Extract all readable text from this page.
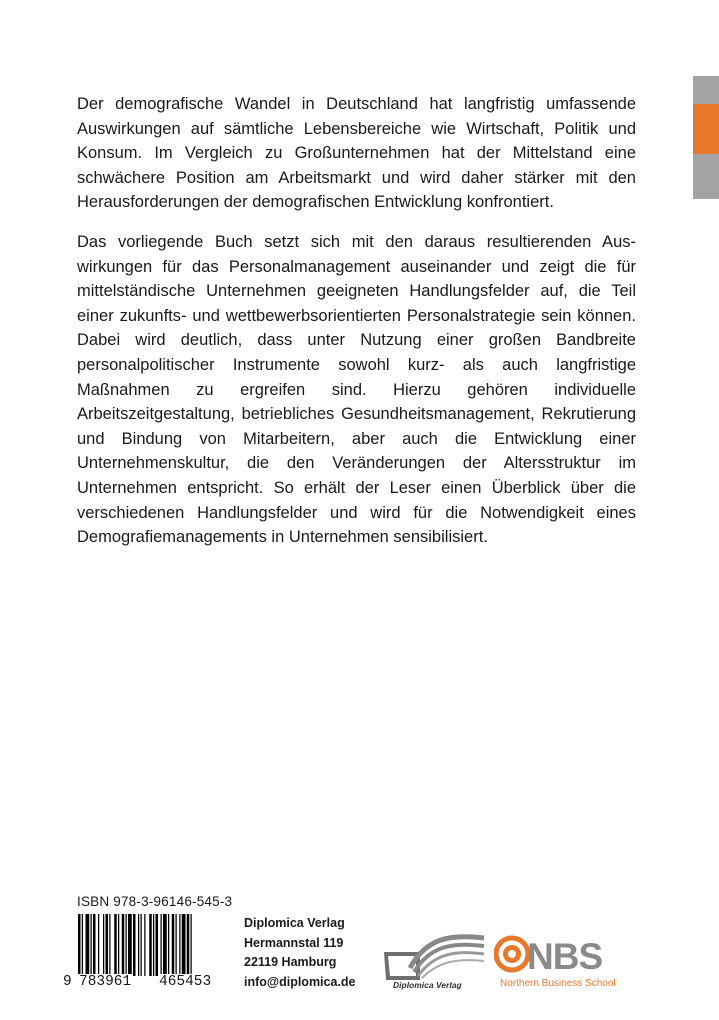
Der demografische Wandel in Deutschland hat langfristig umfassende Auswirkungen auf sämtliche Lebensbereiche wie Wirtschaft, Politik und Konsum. Im Vergleich zu Großunternehmen hat der Mittelstand eine schwächere Position am Arbeitsmarkt und wird daher stärker mit den Herausforderungen der demografischen Entwicklung konfrontiert.

Das vorliegende Buch setzt sich mit den daraus resultierenden Auswirkungen für das Personalmanagement auseinander und zeigt die für mittelständische Unternehmen geeigneten Handlungsfelder auf, die Teil einer zukunfts- und wettbewerbsorientierten Personalstrategie sein können. Dabei wird deutlich, dass unter Nutzung einer großen Bandbreite personalpolitischer Instrumente sowohl kurz- als auch langfristige Maßnahmen zu ergreifen sind. Hierzu gehören individuelle Arbeitszeitgestaltung, betriebliches Gesundheitsmanagement, Rekrutierung und Bindung von Mitarbeitern, aber auch die Entwicklung einer Unternehmenskultur, die den Veränderungen der Altersstruktur im Unternehmen entspricht. So erhält der Leser einen Überblick über die verschiedenen Handlungsfelder und wird für die Notwendigkeit eines Demografiemanagements in Unternehmen sensibilisiert.

ISBN 978-3-96146-545-3
9 783961 465453
Diplomica Verlag
Hermannstal 119
22119 Hamburg
info@diplomica.de	Diplomica Verlag
NBS
Northern Business School
